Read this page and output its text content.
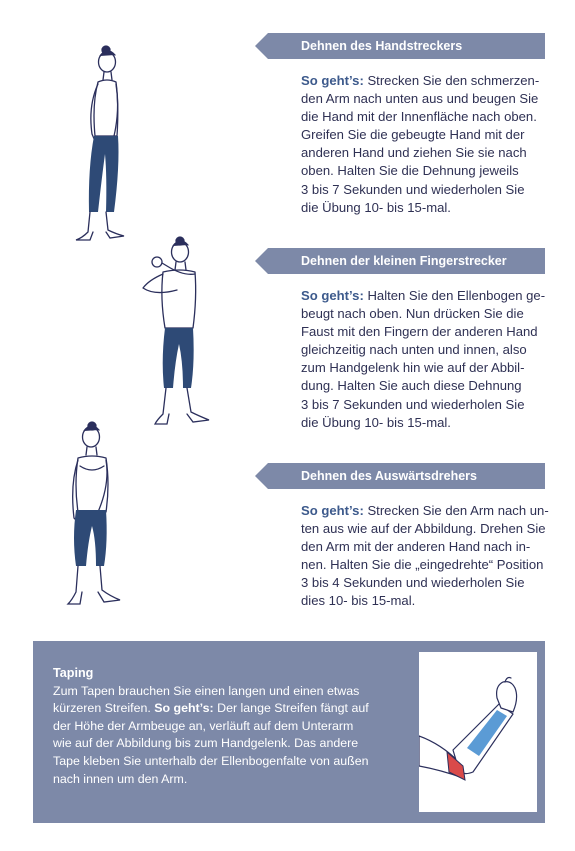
Dehnen des Handstreckers
So geht’s: Strecken Sie den schmerzen-
den Arm nach unten aus und beugen Sie
die Hand mit der Innenfläche nach oben.
Greifen Sie die gebeugte Hand mit der
anderen Hand und ziehen Sie sie nach
oben. Halten Sie die Dehnung jeweils
3 bis 7 Sekunden und wiederholen Sie
die Übung 10- bis 15-mal.
Dehnen der kleinen Fingerstrecker
So geht’s: Halten Sie den Ellenbogen ge-
beugt nach oben. Nun drücken Sie die
Faust mit den Fingern der anderen Hand
gleichzeitig nach unten und innen, also
zum Handgelenk hin wie auf der Abbil-
dung. Halten Sie auch diese Dehnung
3 bis 7 Sekunden und wiederholen Sie
die Übung 10- bis 15-mal.
Dehnen des Auswärtsdrehers
So geht’s: Strecken Sie den Arm nach un-
ten aus wie auf der Abbildung. Drehen Sie
den Arm mit der anderen Hand nach in-
nen. Halten Sie die „eingedrehte“ Position
3 bis 4 Sekunden und wiederholen Sie
dies 10- bis 15-mal.
Taping
Zum Tapen brauchen Sie einen langen und einen etwas
kürzeren Streifen. So geht’s: Der lange Streifen fängt auf
der Höhe der Armbeuge an, verläuft auf dem Unterarm
wie auf der Abbildung bis zum Handgelenk. Das andere
Tape kleben Sie unterhalb der Ellenbogenfalte von außen
nach innen um den Arm.
